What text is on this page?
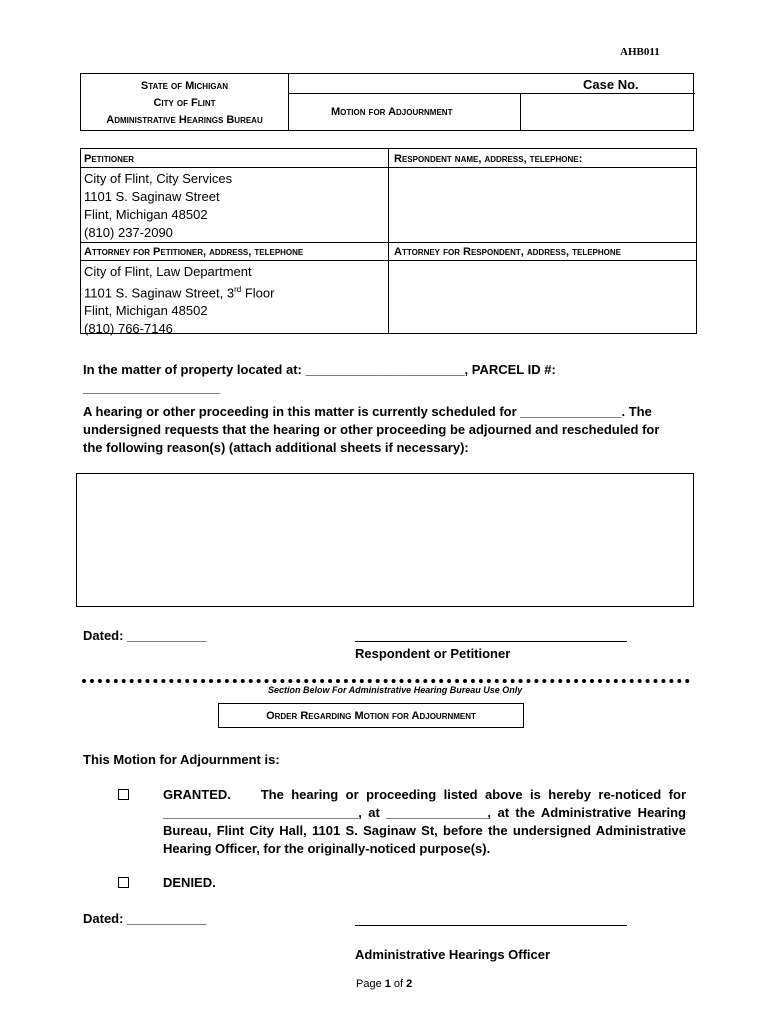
AHB011
State of Michigan
City of Flint
Administrative Hearings Bureau
Motion for Adjournment
Case No.
Petitioner	Respondent name, address, telephone:
City of Flint, City Services
1101 S. Saginaw Street
Flint, Michigan 48502
(810) 237-2090
Attorney for Petitioner, address, telephone	Attorney for Respondent, address, telephone
City of Flint, Law Department
1101 S. Saginaw Street, 3rd Floor
Flint, Michigan 48502
(810) 766-7146
In the matter of property located at: ______________________, PARCEL ID #: ___________________
A hearing or other proceeding in this matter is currently scheduled for ______________. The undersigned requests that the hearing or other proceeding be adjourned and rescheduled for the following reason(s) (attach additional sheets if necessary):
Dated: ___________
Respondent or Petitioner
Section Below For Administrative Hearing Bureau Use Only
Order Regarding Motion for Adjournment
This Motion for Adjournment is:
GRANTED. The hearing or proceeding listed above is hereby re-noticed for ___________________________, at ______________, at the Administrative Hearing Bureau, Flint City Hall, 1101 S. Saginaw St, before the undersigned Administrative Hearing Officer, for the originally-noticed purpose(s).
DENIED.
Dated: ___________
Administrative Hearings Officer
Page 1 of 2
